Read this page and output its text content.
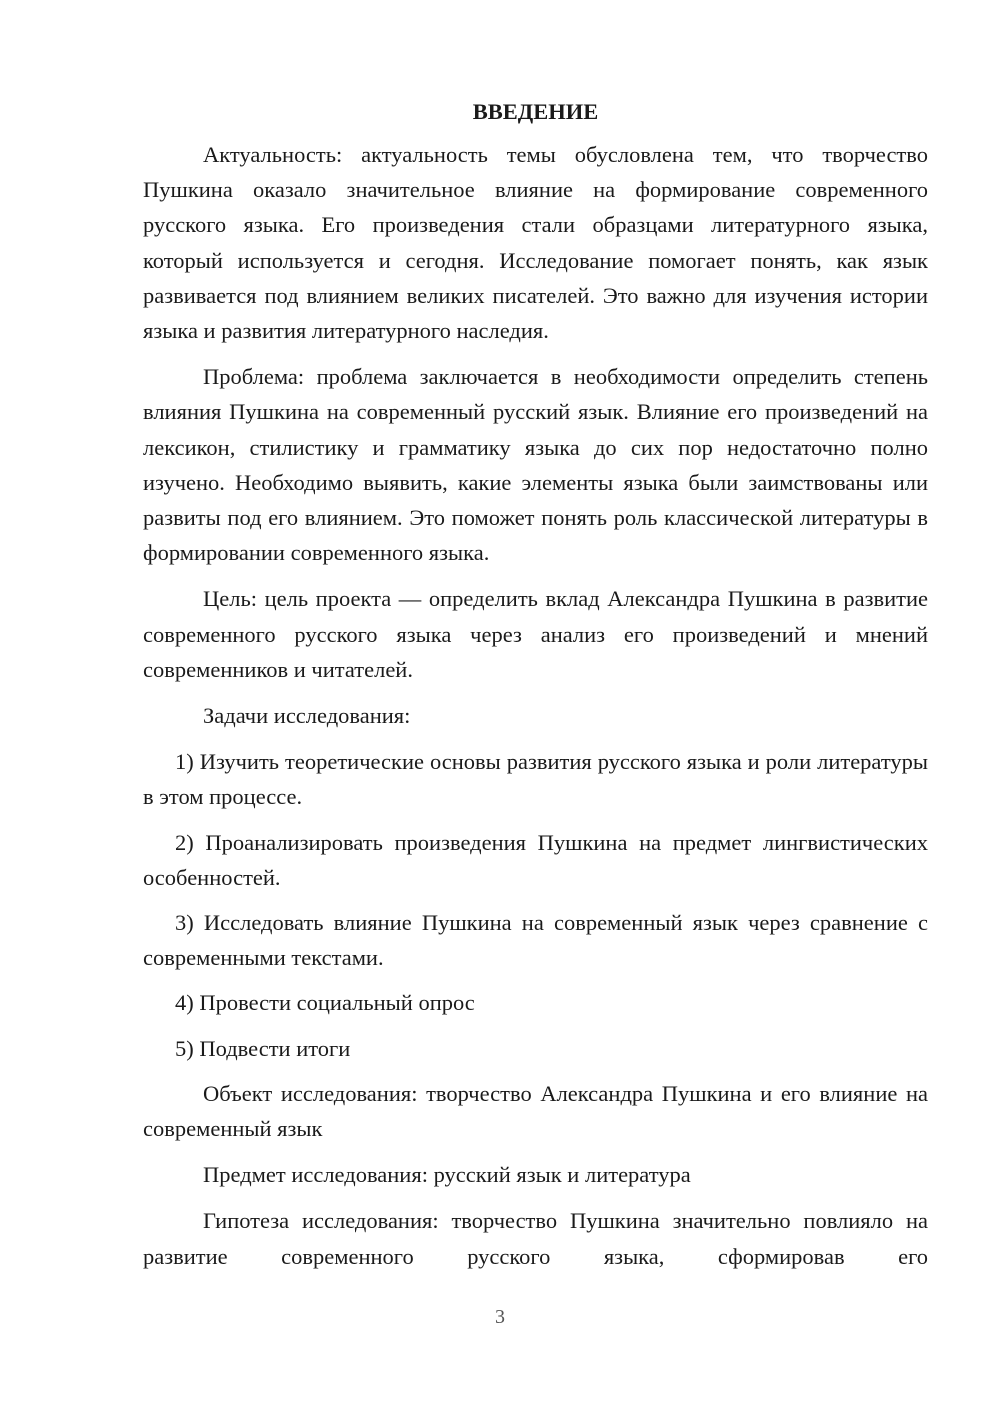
ВВЕДЕНИЕ

Актуальность: актуальность темы обусловлена тем, что творчество Пушкина оказало значительное влияние на формирование современного русского языка. Его произведения стали образцами литературного языка, который используется и сегодня. Исследование помогает понять, как язык развивается под влиянием великих писателей. Это важно для изучения истории языка и развития литературного наследия.

Проблема: проблема заключается в необходимости определить степень влияния Пушкина на современный русский язык. Влияние его произведений на лексикон, стилистику и грамматику языка до сих пор недостаточно полно изучено. Необходимо выявить, какие элементы языка были заимствованы или развиты под его влиянием. Это поможет понять роль классической литературы в формировании современного языка.

Цель: цель проекта — определить вклад Александра Пушкина в развитие современного русского языка через анализ его произведений и мнений современников и читателей.

Задачи исследования:

1) Изучить теоретические основы развития русского языка и роли литературы в этом процессе.

2) Проанализировать произведения Пушкина на предмет лингвистических особенностей.

3) Исследовать влияние Пушкина на современный язык через сравнение с современными текстами.

4) Провести социальный опрос

5) Подвести итоги

Объект исследования: творчество Александра Пушкина и его влияние на современный язык

Предмет исследования: русский язык и литература

Гипотеза исследования: творчество Пушкина значительно повлияло на развитие современного русского языка, сформировав его

3
